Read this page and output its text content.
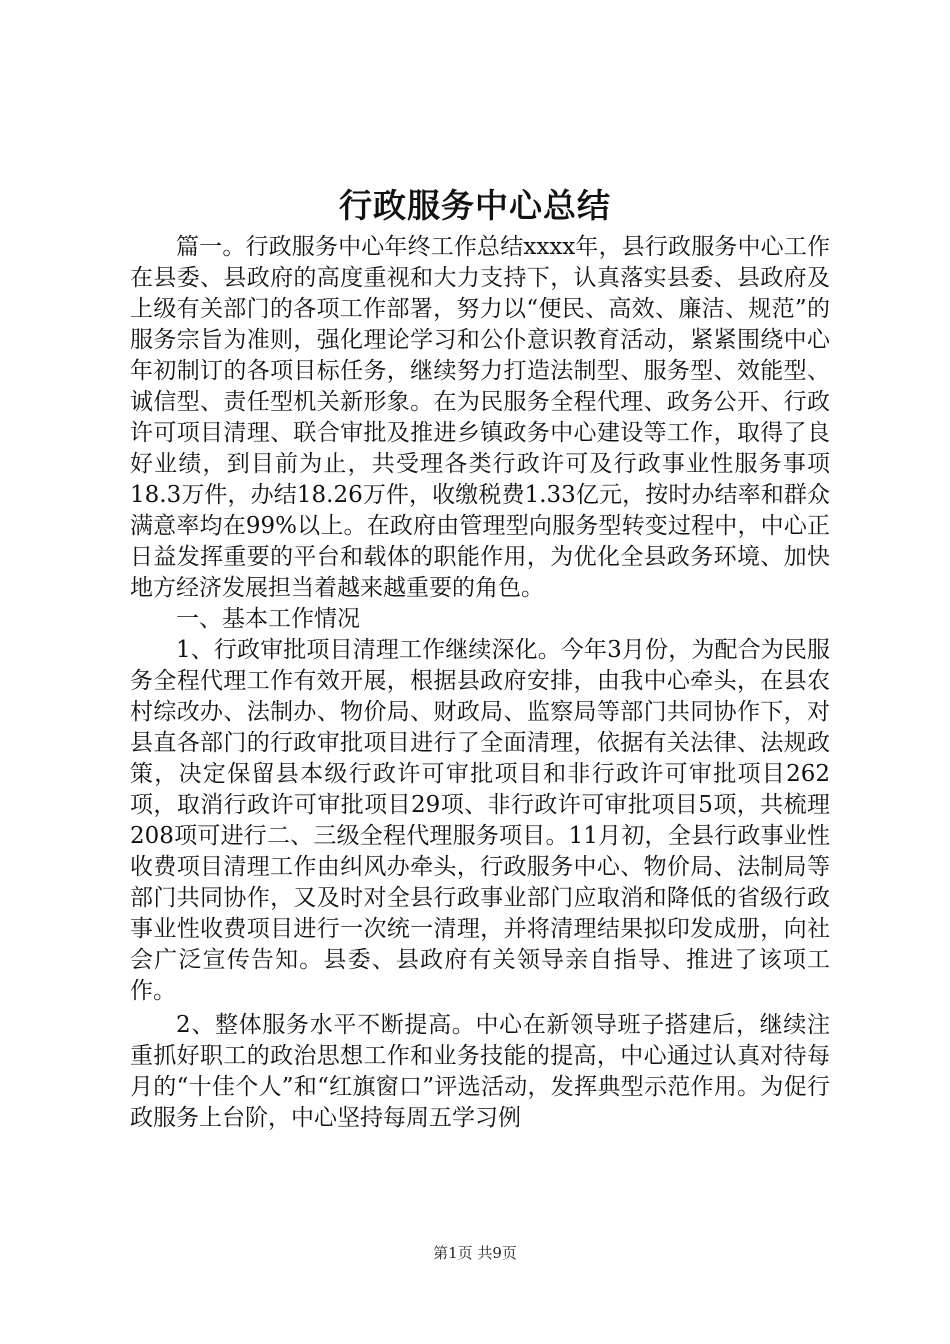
行政服务中心总结

篇一。行政服务中心年终工作总结xxxx年，县行政服务中心工作在县委、县政府的高度重视和大力支持下，认真落实县委、县政府及上级有关部门的各项工作部署，努力以“便民、高效、廉洁、规范”的服务宗旨为准则，强化理论学习和公仆意识教育活动，紧紧围绕中心年初制订的各项目标任务，继续努力打造法制型、服务型、效能型、诚信型、责任型机关新形象。在为民服务全程代理、政务公开、行政许可项目清理、联合审批及推进乡镇政务中心建设等工作，取得了良好业绩，到目前为止，共受理各类行政许可及行政事业性服务事项18.3万件，办结18.26万件，收缴税费1.33亿元，按时办结率和群众满意率均在99%以上。在政府由管理型向服务型转变过程中，中心正日益发挥重要的平台和载体的职能作用，为优化全县政务环境、加快地方经济发展担当着越来越重要的角色。

一、基本工作情况

1、行政审批项目清理工作继续深化。今年3月份，为配合为民服务全程代理工作有效开展，根据县政府安排，由我中心牵头，在县农村综改办、法制办、物价局、财政局、监察局等部门共同协作下，对县直各部门的行政审批项目进行了全面清理，依据有关法律、法规政策，决定保留县本级行政许可审批项目和非行政许可审批项目262项，取消行政许可审批项目29项、非行政许可审批项目5项，共梳理208项可进行二、三级全程代理服务项目。11月初，全县行政事业性收费项目清理工作由纠风办牵头，行政服务中心、物价局、法制局等部门共同协作，又及时对全县行政事业部门应取消和降低的省级行政事业性收费项目进行一次统一清理，并将清理结果拟印发成册，向社会广泛宣传告知。县委、县政府有关领导亲自指导、推进了该项工作。

2、整体服务水平不断提高。中心在新领导班子搭建后，继续注重抓好职工的政治思想工作和业务技能的提高，中心通过认真对待每月的“十佳个人”和“红旗窗口”评选活动，发挥典型示范作用。为促行政服务上台阶，中心坚持每周五学习例

第1页 共9页
